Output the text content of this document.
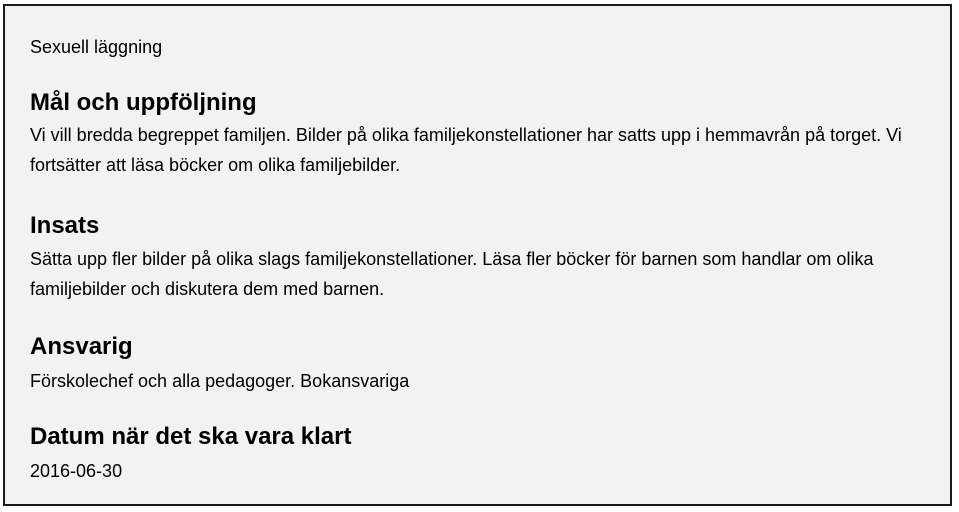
Sexuell läggning
Mål och uppföljning
Vi vill bredda begreppet familjen. Bilder på olika familjekonstellationer har satts upp i hemmavrån på torget. Vi fortsätter att läsa böcker om olika familjebilder.
Insats
Sätta upp fler bilder på olika slags familjekonstellationer. Läsa fler böcker för barnen som handlar om olika familjebilder och diskutera dem med barnen.
Ansvarig
Förskolechef och alla pedagoger. Bokansvariga
Datum när det ska vara klart
2016-06-30
